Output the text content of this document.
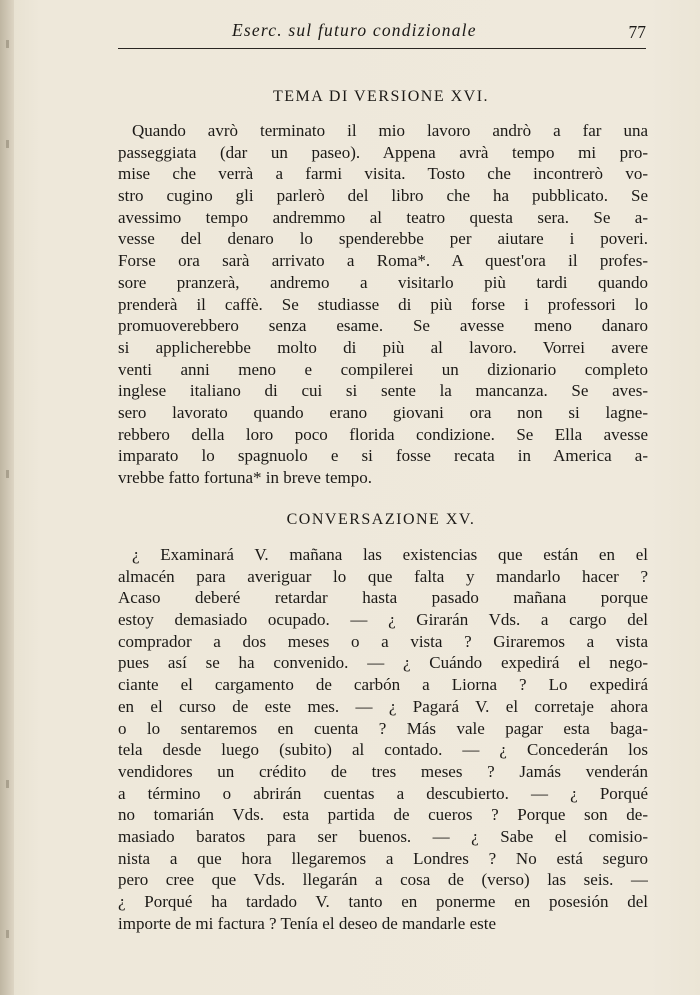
Eserc. sul futuro condizionale	77
TEMA DI VERSIONE XVI.
Quando avrò terminato il mio lavoro andrò a far una
passeggiata (dar un paseo). Appena avrà tempo mi pro-
mise che verrà a farmi visita. Tosto che incontrerò vo-
stro cugino gli parlerò del libro che ha pubblicato. Se
avessimo tempo andremmo al teatro questa sera. Se a-
vesse del denaro lo spenderebbe per aiutare i poveri.
Forse ora sarà arrivato a Roma*. A quest'ora il profes-
sore pranzerà, andremo a visitarlo più tardi quando
prenderà il caffè. Se studiasse di più forse i professori lo
promuoverebbero senza esame. Se avesse meno danaro
si applicherebbe molto di più al lavoro. Vorrei avere
venti anni meno e compilerei un dizionario completo
inglese italiano di cui si sente la mancanza. Se aves-
sero lavorato quando erano giovani ora non si lagne-
rebbero della loro poco florida condizione. Se Ella avesse
imparato lo spagnuolo e si fosse recata in America a-
vrebbe fatto fortuna* in breve tempo.
CONVERSAZIONE XV.
¿ Examinará V. mañana las existencias que están en el
almacén para averiguar lo que falta y mandarlo hacer ?
Acaso deberé retardar hasta pasado mañana porque
estoy demasiado ocupado. — ¿ Girarán Vds. a cargo del
comprador a dos meses o a vista ? Giraremos a vista
pues así se ha convenido. — ¿ Cuándo expedirá el nego-
ciante el cargamento de carbón a Liorna ? Lo expedirá
en el curso de este mes. — ¿ Pagará V. el corretaje ahora
o lo sentaremos en cuenta ? Más vale pagar esta baga-
tela desde luego (subito) al contado. — ¿ Concederán los
vendidores un crédito de tres meses ? Jamás venderán
a término o abrirán cuentas a descubierto. — ¿ Porqué
no tomarián Vds. esta partida de cueros ? Porque son de-
masiado baratos para ser buenos. — ¿ Sabe el comisio-
nista a que hora llegaremos a Londres ? No está seguro
pero cree que Vds. llegarán a cosa de (verso) las seis. —
¿ Porqué ha tardado V. tanto en ponerme en posesión del
importe de mi factura ? Tenía el deseo de mandarle este
